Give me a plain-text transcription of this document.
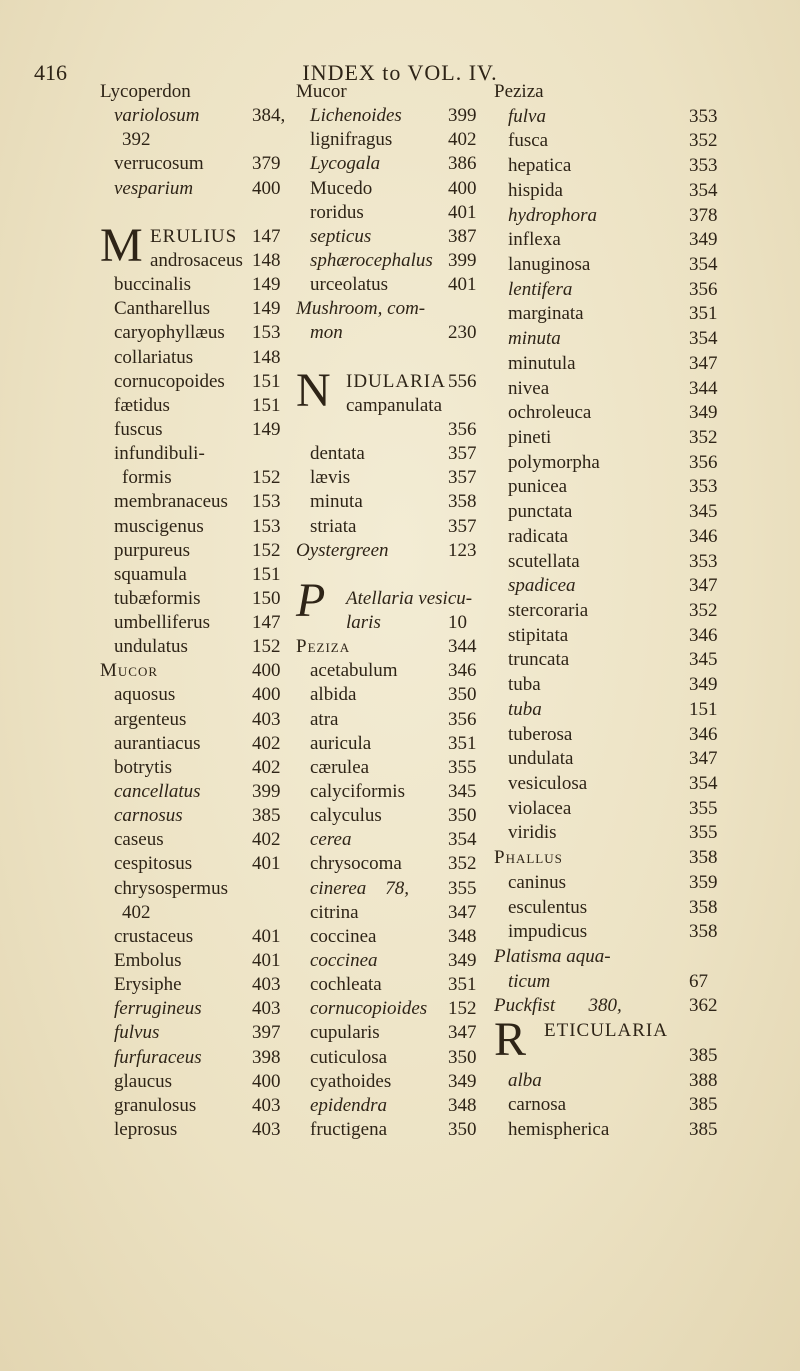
416	INDEX to VOL. IV.
Lycoperdon
variolosum	384,
392
verrucosum	379
vesparium	400
M ERULIUS 147
androsaceus 148
buccinalis	149
Cantharellus 149
caryophyllæus 153
collariatus	148
cornucopoides 151
fætidus	151
fuscus	149
infundibuli-
formis	152
membranaceus 153
muscigenus	153
purpureus	152
squamula	151
tubæformis	150
umbelliferus 147
undulatus	152
Mucor	400
aquosus	400
argenteus	403
aurantiacus	402
botrytis	402
cancellatus	399
carnosus	385
caseus	402
cespitosus	401
chrysospermus
402
crustaceus	401
Embolus	401
Erysiphe	403
ferrugineus	403
fulvus	397
furfuraceus	398
glaucus	400
granulosus	403
leprosus	403
Mucor
Lichenoides 399
lignifragus	402
Lycogala	386
Mucedo	400
roridus	401
septicus	387
sphærocephalus 399
urceolatus	401
Mushroom, com-
mon	230
N IDULARIA 556
campanulata
356
dentata	357
lævis	357
minuta	358
striata	357
Oystergreen	123
P Atellaria vesicu-
laris	10
Peziza	344
acetabulum	346
albida	350
atra	356
auricula	351
cærulea	355
calyciformis 345
calyculus	350
cerea	354
chrysocoma 352
cinerea    78, 355
citrina	347
coccinea	348
coccinea	349
cochleata	351
cornucopioides 152
cupularis	347
cuticulosa	350
cyathoides	349
epidendra	348
fructigena	350
Peziza
fulva	353
fusca	352
hepatica	353
hispida	354
hydrophora	378
inflexa	349
lanuginosa	354
lentifera	356
marginata	351
minuta	354
minutula	347
nivea	344
ochroleuca	349
pineti	352
polymorpha	356
punicea	353
punctata	345
radicata	346
scutellata	353
spadicea	347
stercoraria	352
stipitata	346
truncata	345
tuba	349
tuba	151
tuberosa	346
undulata	347
vesiculosa	354
violacea	355
viridis	355
Phallus	358
caninus	359
esculentus	358
impudicus	358
Platisma aqua-
ticum	67
Puckfist       380,	362
R ETICULARIA
385
alba	388
carnosa	385
hemispherica	385
